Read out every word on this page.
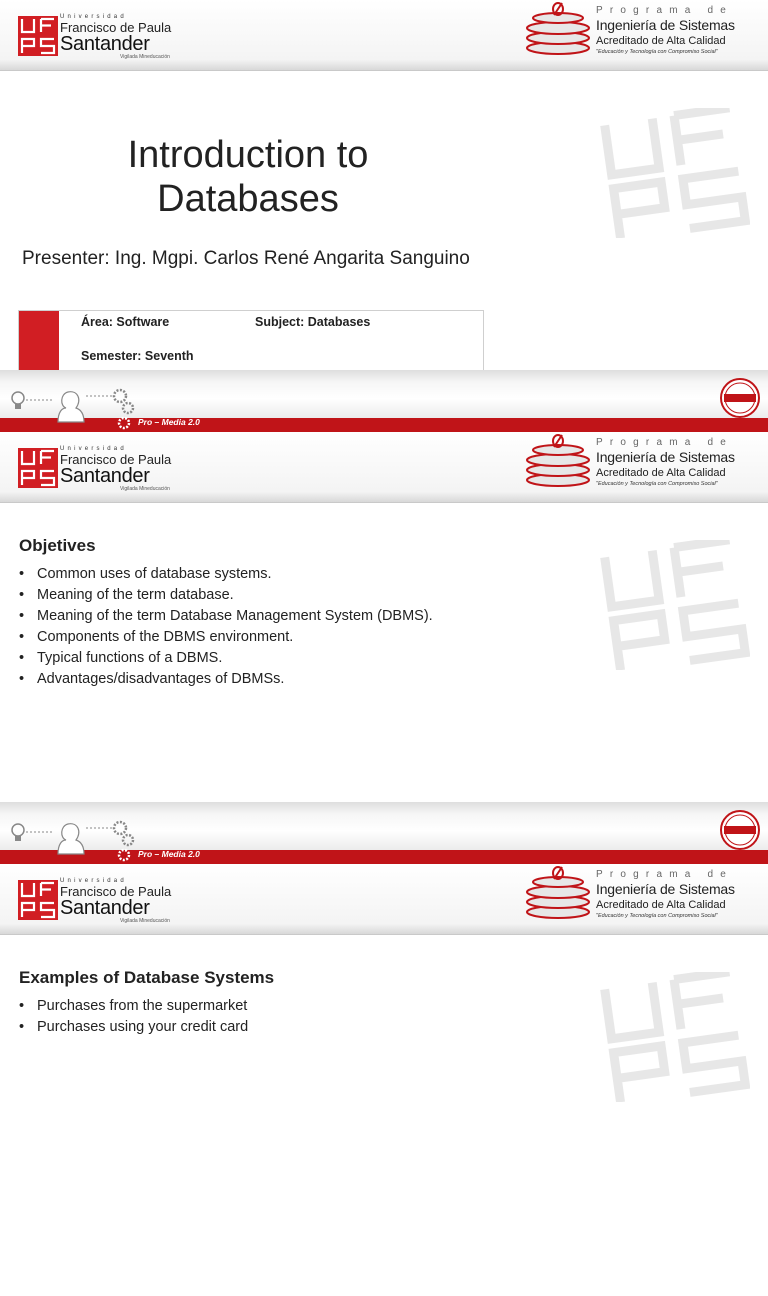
Universidad
Francisco de Paula
Santander
Vigilada Mineducación
Programa de
Ingeniería de Sistemas
Acreditado de Alta Calidad
"Educación y Tecnología con Compromiso Social"
Introduction to
Databases
Presenter: Ing. Mgpi. Carlos René Angarita Sanguino
Área: Software	Subject: Databases
Semester: Seventh
Pro – Media 2.0
Universidad
Francisco de Paula
Santander
Vigilada Mineducación
Programa de
Ingeniería de Sistemas
Acreditado de Alta Calidad
"Educación y Tecnología con Compromiso Social"
Objetives
• Common uses of database systems.
• Meaning of the term database.
• Meaning of the term Database Management System (DBMS).
• Components of the DBMS environment.
• Typical functions of a DBMS.
• Advantages/disadvantages of DBMSs.
Pro – Media 2.0
Universidad
Francisco de Paula
Santander
Vigilada Mineducación
Programa de
Ingeniería de Sistemas
Acreditado de Alta Calidad
"Educación y Tecnología con Compromiso Social"
Examples of Database Systems
• Purchases from the supermarket
• Purchases using your credit card
